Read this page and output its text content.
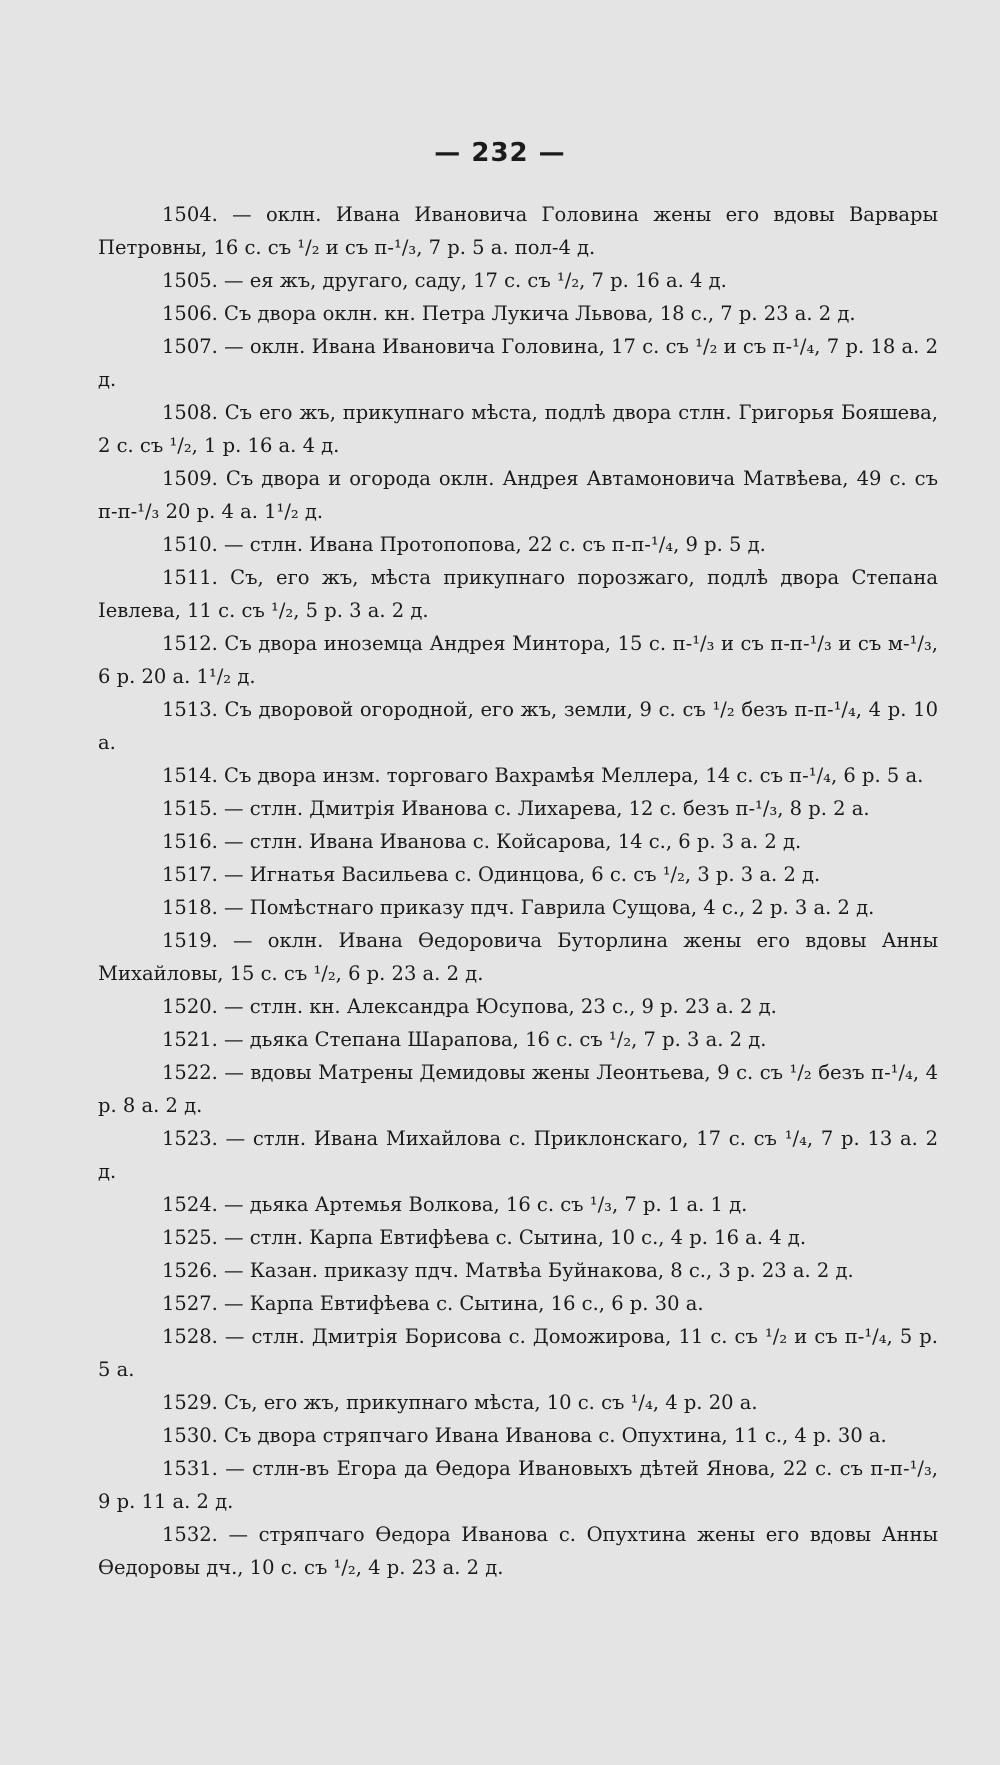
— 232 —

1504. — оклн. Ивана Ивановича Головина жены его вдовы Варвары Петровны, 16 с. съ ¹/₂ и съ п-¹/₃, 7 р. 5 а. пол-4 д.

1505. — ея жъ, другаго, саду, 17 с. съ ¹/₂, 7 р. 16 а. 4 д.

1506. Съ двора оклн. кн. Петра Лукича Львова, 18 с., 7 р. 23 а. 2 д.

1507. — оклн. Ивана Ивановича Головина, 17 с. съ ¹/₂ и съ п-¹/₄, 7 р. 18 а. 2 д.

1508. Съ его жъ, прикупнаго мѣста, подлѣ двора стлн. Григорья Бояшева, 2 с. съ ¹/₂, 1 р. 16 а. 4 д.

1509. Съ двора и огорода оклн. Андрея Автамоновича Матвѣева, 49 с. съ п-п-¹/₃ 20 р. 4 а. 1¹/₂ д.

1510. — стлн. Ивана Протопопова, 22 с. съ п-п-¹/₄, 9 р. 5 д.

1511. Съ, его жъ, мѣста прикупнаго порозжаго, подлѣ двора Степана Іевлева, 11 с. съ ¹/₂, 5 р. 3 а. 2 д.

1512. Съ двора иноземца Андрея Минтора, 15 с. п-¹/₃ и съ п-п-¹/₃ и съ м-¹/₃, 6 р. 20 а. 1¹/₂ д.

1513. Съ дворовой огородной, его жъ, земли, 9 с. съ ¹/₂ безъ п-п-¹/₄, 4 р. 10 а.

1514. Съ двора инзм. торговаго Вахрамѣя Меллера, 14 с. съ п-¹/₄, 6 р. 5 а.

1515. — стлн. Дмитрія Иванова с. Лихарева, 12 с. безъ п-¹/₃, 8 р. 2 а.

1516. — стлн. Ивана Иванова с. Койсарова, 14 с., 6 р. 3 а. 2 д.

1517. — Игнатья Васильева с. Одинцова, 6 с. съ ¹/₂, 3 р. 3 а. 2 д.

1518. — Помѣстнаго приказу пдч. Гаврила Сущова, 4 с., 2 р. 3 а. 2 д.

1519. — оклн. Ивана Өедоровича Буторлина жены его вдовы Анны Михайловы, 15 с. съ ¹/₂, 6 р. 23 а. 2 д.

1520. — стлн. кн. Александра Юсупова, 23 с., 9 р. 23 а. 2 д.

1521. — дьяка Степана Шарапова, 16 с. съ ¹/₂, 7 р. 3 а. 2 д.

1522. — вдовы Матрены Демидовы жены Леонтьева, 9 с. съ ¹/₂ безъ п-¹/₄, 4 р. 8 а. 2 д.

1523. — стлн. Ивана Михайлова с. Приклонскаго, 17 с. съ ¹/₄, 7 р. 13 а. 2 д.

1524. — дьяка Артемья Волкова, 16 с. съ ¹/₃, 7 р. 1 а. 1 д.

1525. — стлн. Карпа Евтифѣева с. Сытина, 10 с., 4 р. 16 а. 4 д.

1526. — Казан. приказу пдч. Матвѣа Буйнакова, 8 с., 3 р. 23 а. 2 д.

1527. — Карпа Евтифѣева с. Сытина, 16 с., 6 р. 30 а.

1528. — стлн. Дмитрія Борисова с. Доможирова, 11 с. съ ¹/₂ и съ п-¹/₄, 5 р. 5 а.

1529. Съ, его жъ, прикупнаго мѣста, 10 с. съ ¹/₄, 4 р. 20 а.

1530. Съ двора стряпчаго Ивана Иванова с. Опухтина, 11 с., 4 р. 30 а.

1531. — стлн-въ Егора да Өедора Ивановыхъ дѣтей Янова, 22 с. съ п-п-¹/₃, 9 р. 11 а. 2 д.

1532. — стряпчаго Өедора Иванова с. Опухтина жены его вдовы Анны Өедоровы дч., 10 с. съ ¹/₂, 4 р. 23 а. 2 д.
